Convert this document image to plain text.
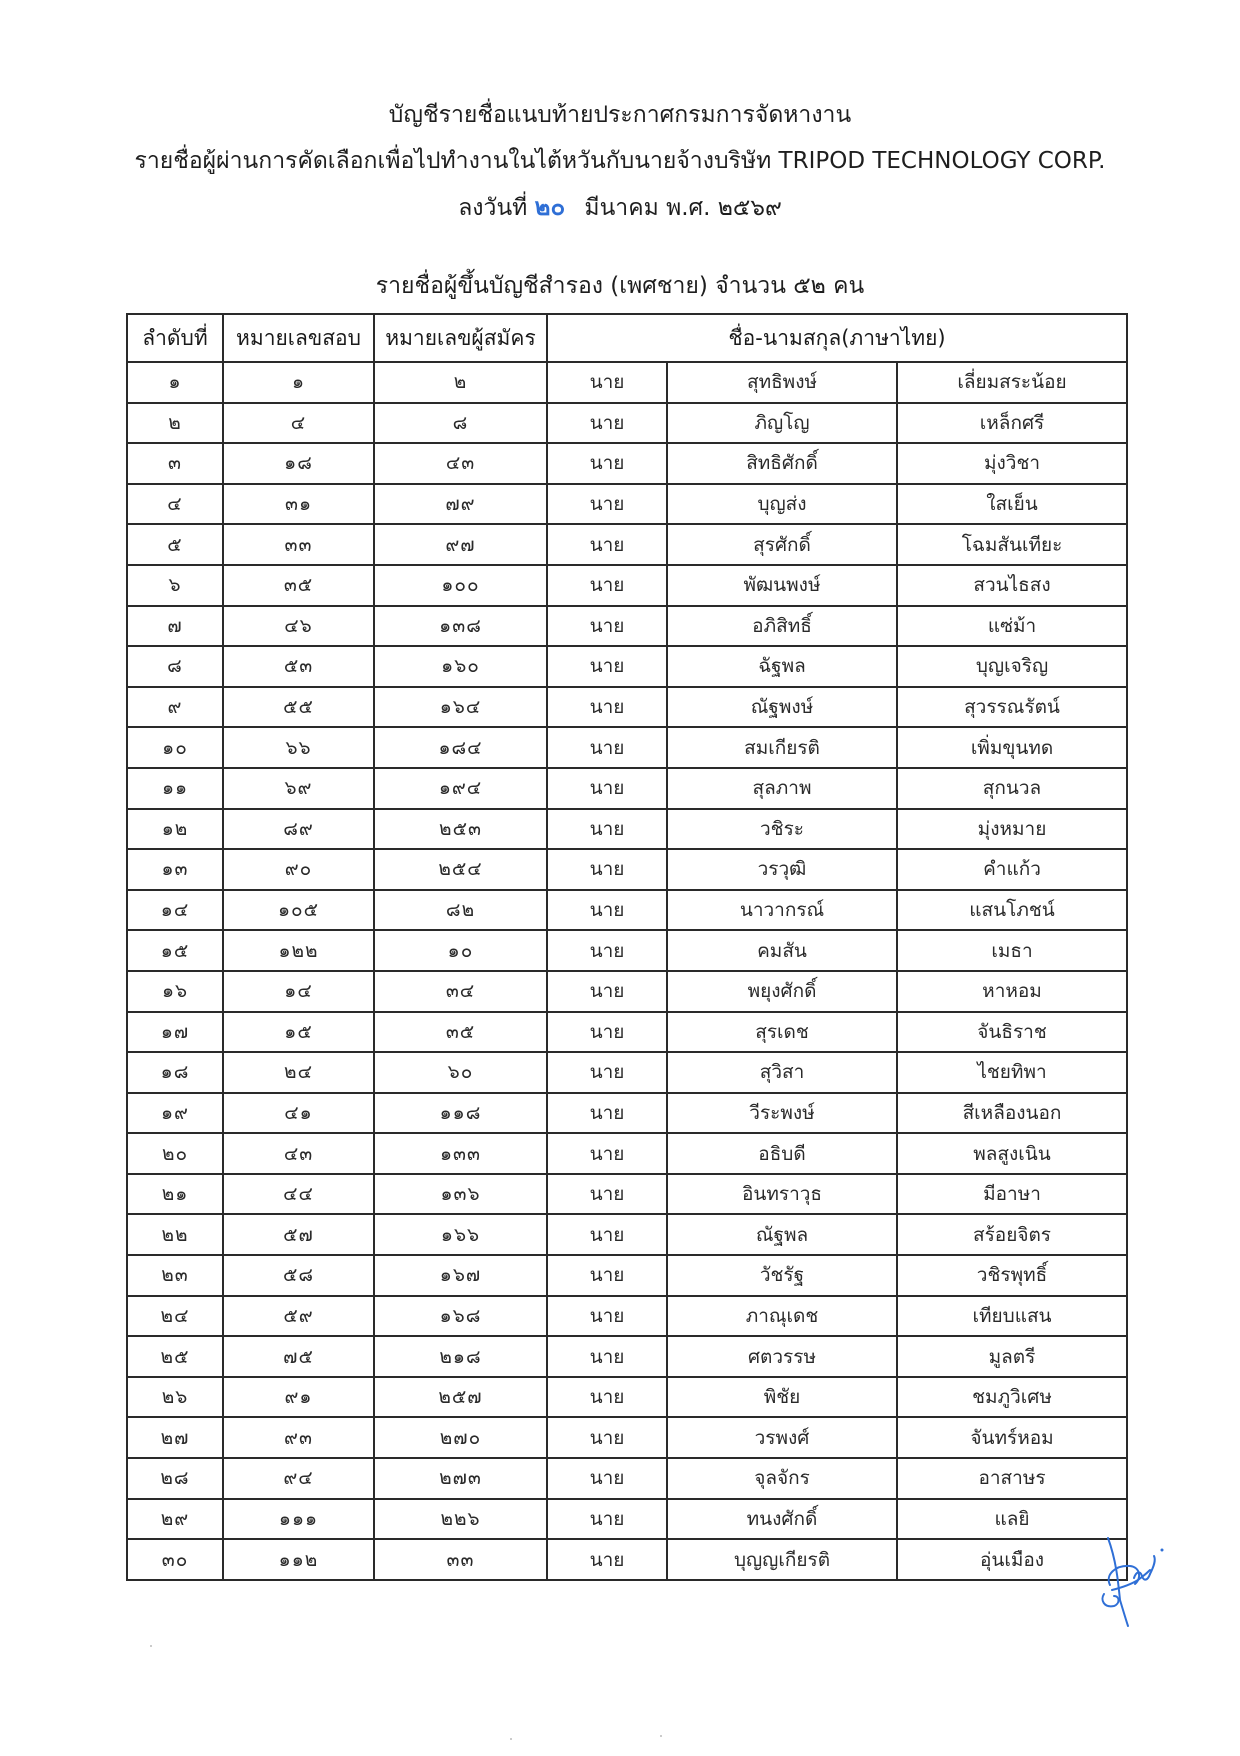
บัญชีรายชื่อแนบท้ายประกาศกรมการจัดหางาน
รายชื่อผู้ผ่านการคัดเลือกเพื่อไปทำงานในไต้หวันกับนายจ้างบริษัท TRIPOD TECHNOLOGY CORP.
ลงวันที่ ๒๐ มีนาคม พ.ศ. ๒๕๖๙
รายชื่อผู้ขึ้นบัญชีสำรอง (เพศชาย) จำนวน ๕๒ คน
ลำดับที่	หมายเลขสอบ	หมายเลขผู้สมัคร	ชื่อ-นามสกุล(ภาษาไทย)		
๑	๑	๒	นาย	สุทธิพงษ์	เลี่ยมสระน้อย
๒	๔	๘	นาย	ภิญโญ	เหล็กศรี
๓	๑๘	๔๓	นาย	สิทธิศักดิ์	มุ่งวิชา
๔	๓๑	๗๙	นาย	บุญส่ง	ใสเย็น
๕	๓๓	๙๗	นาย	สุรศักดิ์	โฉมสันเทียะ
๖	๓๕	๑๐๐	นาย	พัฒนพงษ์	สวนไธสง
๗	๔๖	๑๓๘	นาย	อภิสิทธิ์	แซ่ม้า
๘	๕๓	๑๖๐	นาย	ฉัฐพล	บุญเจริญ
๙	๕๕	๑๖๔	นาย	ณัฐพงษ์	สุวรรณรัตน์
๑๐	๖๖	๑๘๔	นาย	สมเกียรติ	เพิ่มขุนทด
๑๑	๖๙	๑๙๔	นาย	สุลภาพ	สุกนวล
๑๒	๘๙	๒๕๓	นาย	วชิระ	มุ่งหมาย
๑๓	๙๐	๒๕๔	นาย	วรวุฒิ	คำแก้ว
๑๔	๑๐๕	๘๒	นาย	นาวากรณ์	แสนโภชน์
๑๕	๑๒๒	๑๐	นาย	คมสัน	เมธา
๑๖	๑๔	๓๔	นาย	พยุงศักดิ์	หาหอม
๑๗	๑๕	๓๕	นาย	สุรเดช	จันธิราช
๑๘	๒๔	๖๐	นาย	สุวิสา	ไชยทิพา
๑๙	๔๑	๑๑๘	นาย	วีระพงษ์	สีเหลืองนอก
๒๐	๔๓	๑๓๓	นาย	อธิบดี	พลสูงเนิน
๒๑	๔๔	๑๓๖	นาย	อินทราวุธ	มีอาษา
๒๒	๕๗	๑๖๖	นาย	ณัฐพล	สร้อยจิตร
๒๓	๕๘	๑๖๗	นาย	วัชรัฐ	วชิรพุทธิ์
๒๔	๕๙	๑๖๘	นาย	ภาณุเดช	เทียบแสน
๒๕	๗๕	๒๑๘	นาย	ศตวรรษ	มูลตรี
๒๖	๙๑	๒๕๗	นาย	พิชัย	ชมภูวิเศษ
๒๗	๙๓	๒๗๐	นาย	วรพงศ์	จันทร์หอม
๒๘	๙๔	๒๗๓	นาย	จุลจักร	อาสาษร
๒๙	๑๑๑	๒๒๖	นาย	ทนงศักดิ์	แลยิ
๓๐	๑๑๒	๓๓	นาย	บุญญเกียรติ	อุ่นเมือง
